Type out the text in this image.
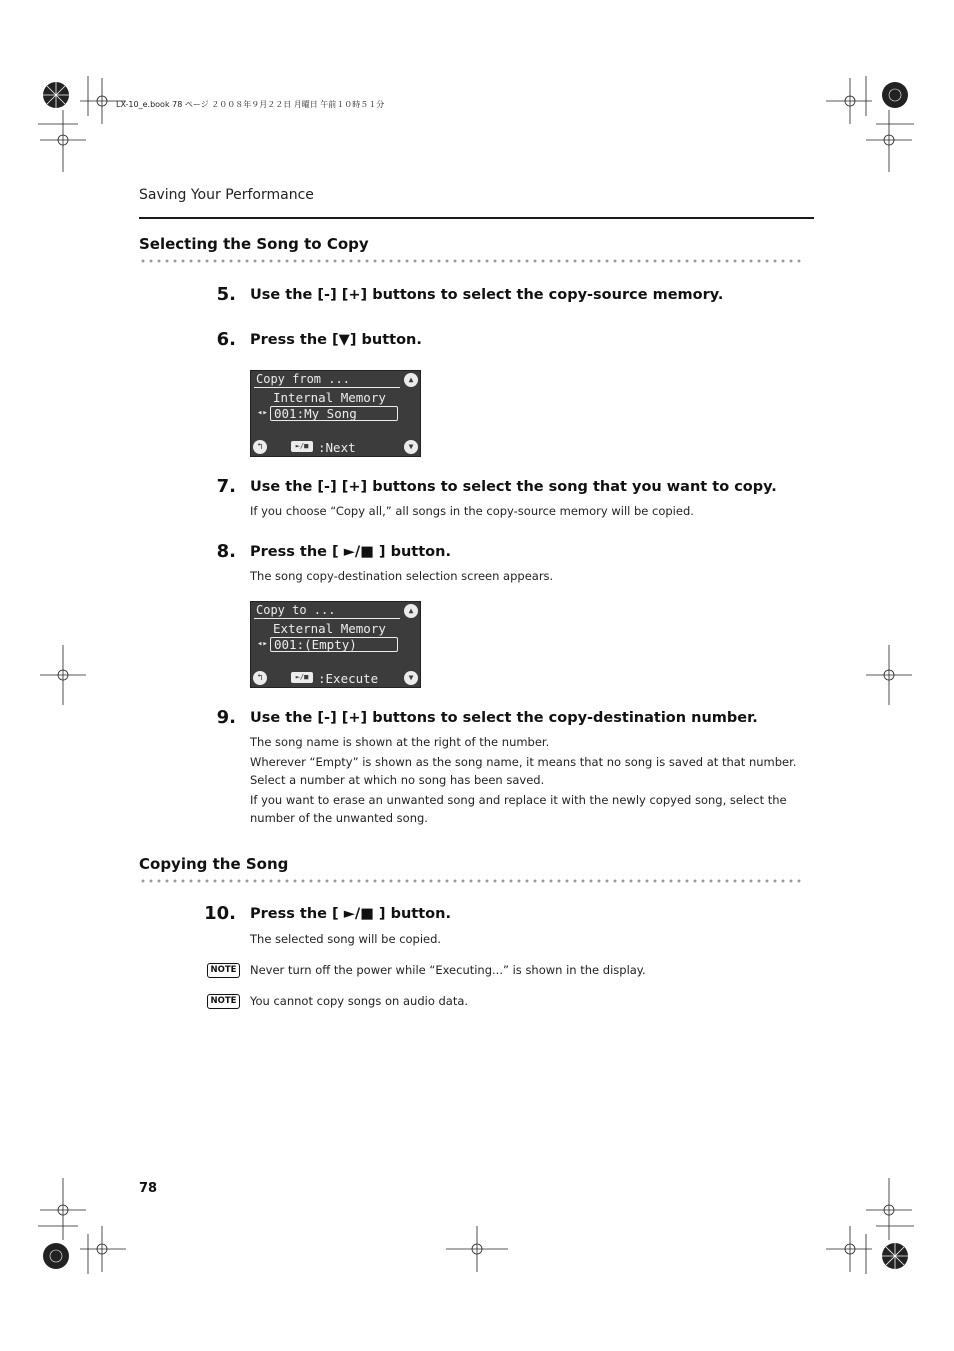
LX-10_e.book 78 ページ ２００８年９月２２日 月曜日 午前１０時５１分
Saving Your Performance
Selecting the Song to Copy
5. Use the [-] [+] buttons to select the copy-source memory.
6. Press the [▼] button.
Copy from ...	▲
Internal Memory
◂▸ 001:My Song
↰	►/■ :Next	▼
7. Use the [-] [+] buttons to select the song that you want to copy.
If you choose “Copy all,” all songs in the copy-source memory will be copied.
8. Press the [ ►/■ ] button.
The song copy-destination selection screen appears.
Copy to ...	▲
External Memory
◂▸ 001:(Empty)
↰	►/■ :Execute	▼
9. Use the [-] [+] buttons to select the copy-destination number.
The song name is shown at the right of the number.
Wherever “Empty” is shown as the song name, it means that no song is saved at that number. Select a number at which no song has been saved.
If you want to erase an unwanted song and replace it with the newly copyed song, select the number of the unwanted song.
Copying the Song
10. Press the [ ►/■ ] button.
The selected song will be copied.
NOTE	Never turn off the power while “Executing...” is shown in the display.
NOTE	You cannot copy songs on audio data.
78
